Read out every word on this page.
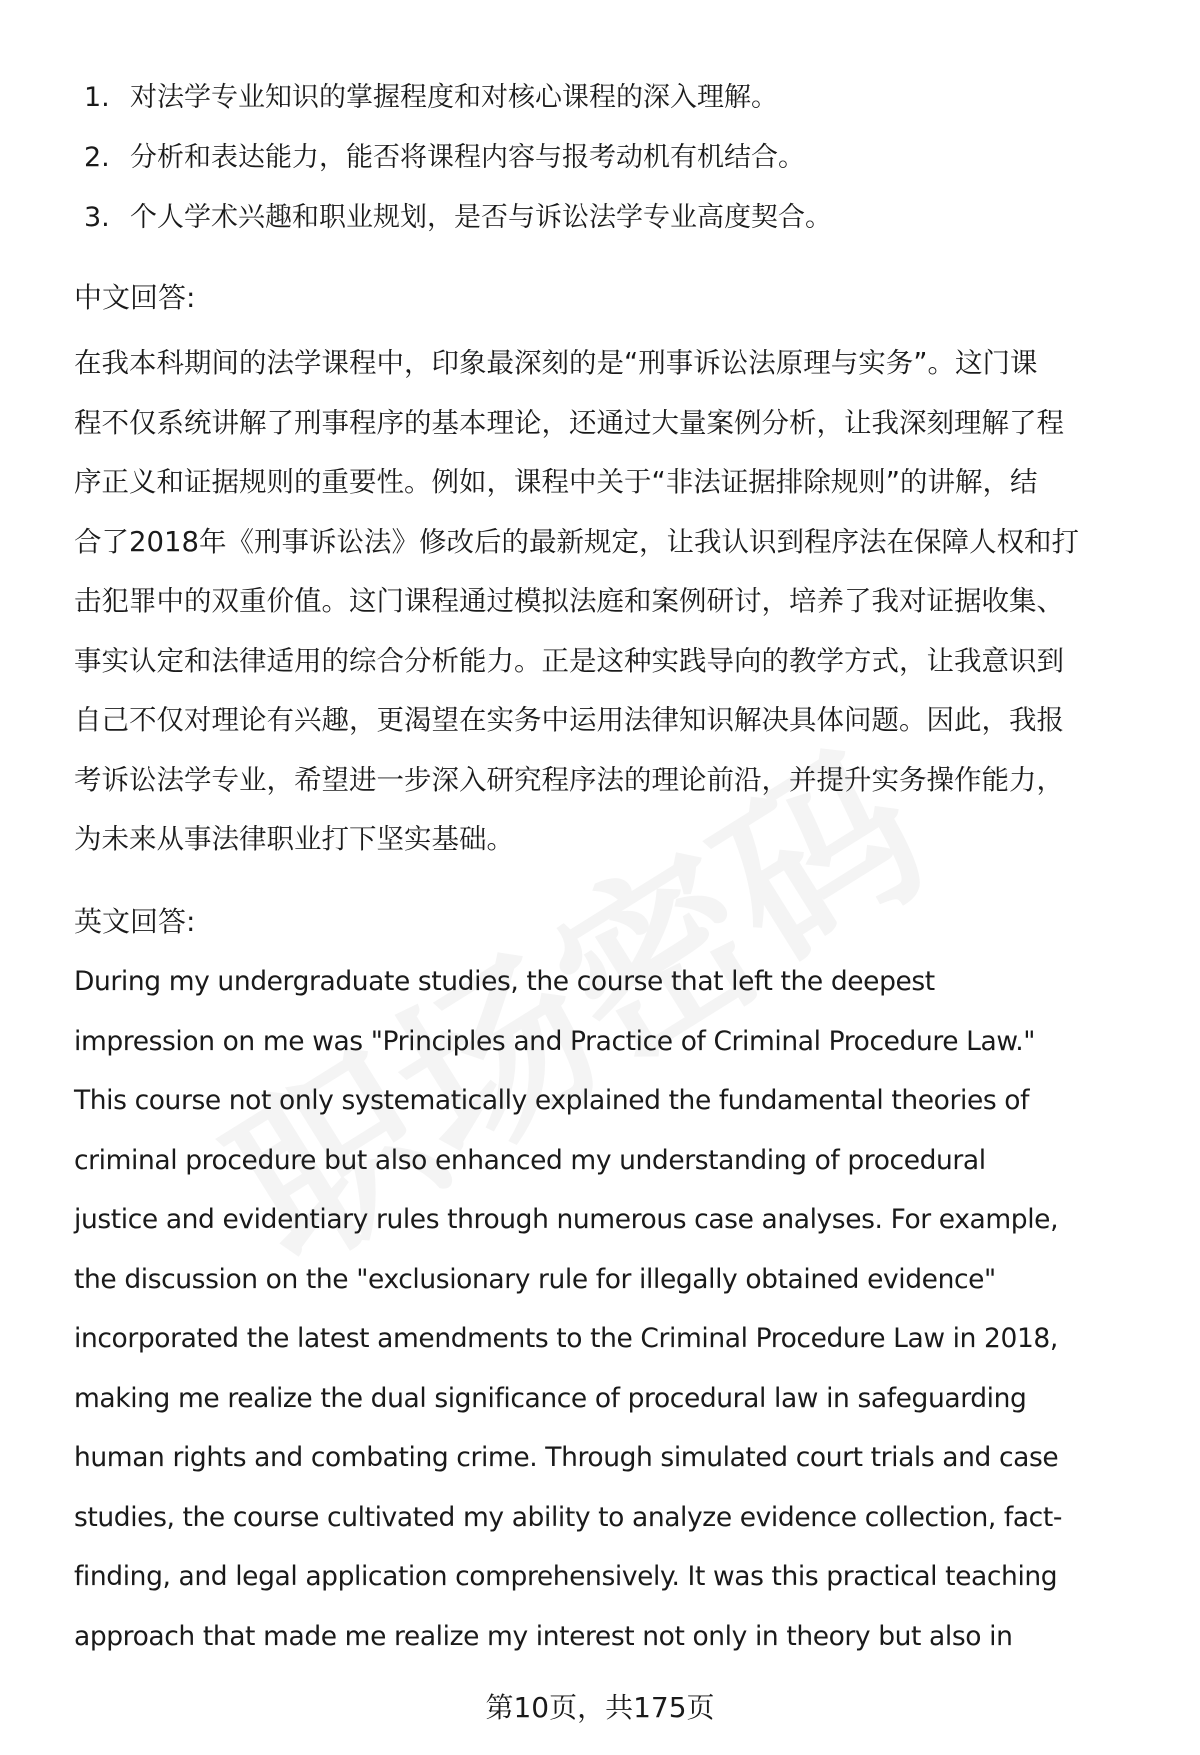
1. 对法学专业知识的掌握程度和对核心课程的深入理解。
2. 分析和表达能力，能否将课程内容与报考动机有机结合。
3. 个人学术兴趣和职业规划，是否与诉讼法学专业高度契合。
中文回答:

在我本科期间的法学课程中，印象最深刻的是“刑事诉讼法原理与实务”。这门课
程不仅系统讲解了刑事程序的基本理论，还通过大量案例分析，让我深刻理解了程
序正义和证据规则的重要性。例如，课程中关于“非法证据排除规则”的讲解，结
合了2018年《刑事诉讼法》修改后的最新规定，让我认识到程序法在保障人权和打
击犯罪中的双重价值。这门课程通过模拟法庭和案例研讨，培养了我对证据收集、
事实认定和法律适用的综合分析能力。正是这种实践导向的教学方式，让我意识到
自己不仅对理论有兴趣，更渴望在实务中运用法律知识解决具体问题。因此，我报
考诉讼法学专业，希望进一步深入研究程序法的理论前沿，并提升实务操作能力，
为未来从事法律职业打下坚实基础。

英文回答:

During my undergraduate studies, the course that left the deepest
impression on me was "Principles and Practice of Criminal Procedure Law."
This course not only systematically explained the fundamental theories of
criminal procedure but also enhanced my understanding of procedural
justice and evidentiary rules through numerous case analyses. For example,
the discussion on the "exclusionary rule for illegally obtained evidence"
incorporated the latest amendments to the Criminal Procedure Law in 2018,
making me realize the dual significance of procedural law in safeguarding
human rights and combating crime. Through simulated court trials and case
studies, the course cultivated my ability to analyze evidence collection, fact-
finding, and legal application comprehensively. It was this practical teaching
approach that made me realize my interest not only in theory but also in

第10页，共175页
